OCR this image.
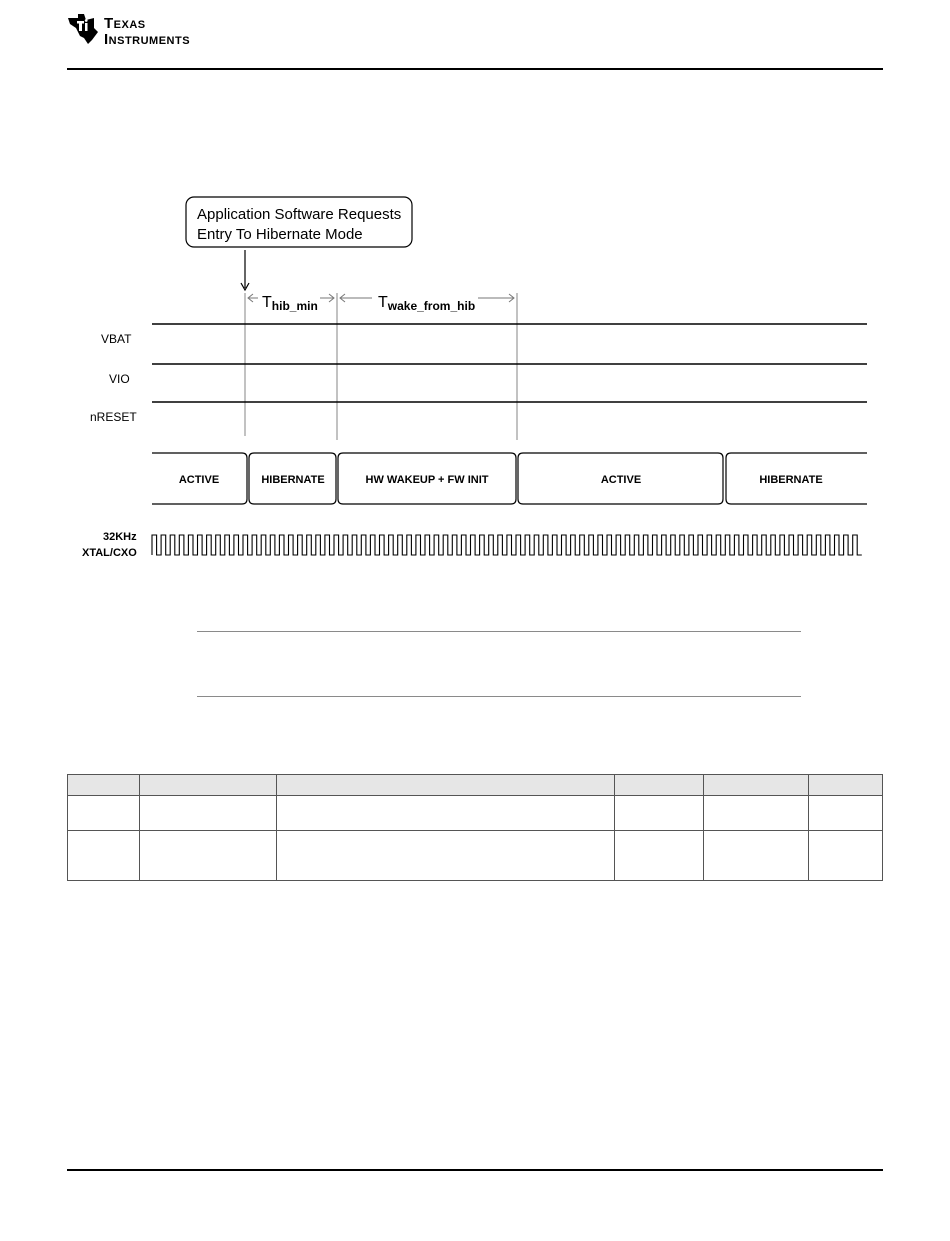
Texas
Instruments
Application Software Requests
Entry To Hibernate Mode
Thib_min	Twake_from_hib
VBAT
VIO
nRESET
ACTIVE	HIBERNATE	HW WAKEUP + FW INIT	ACTIVE	HIBERNATE
32KHz
XTAL/CXO
